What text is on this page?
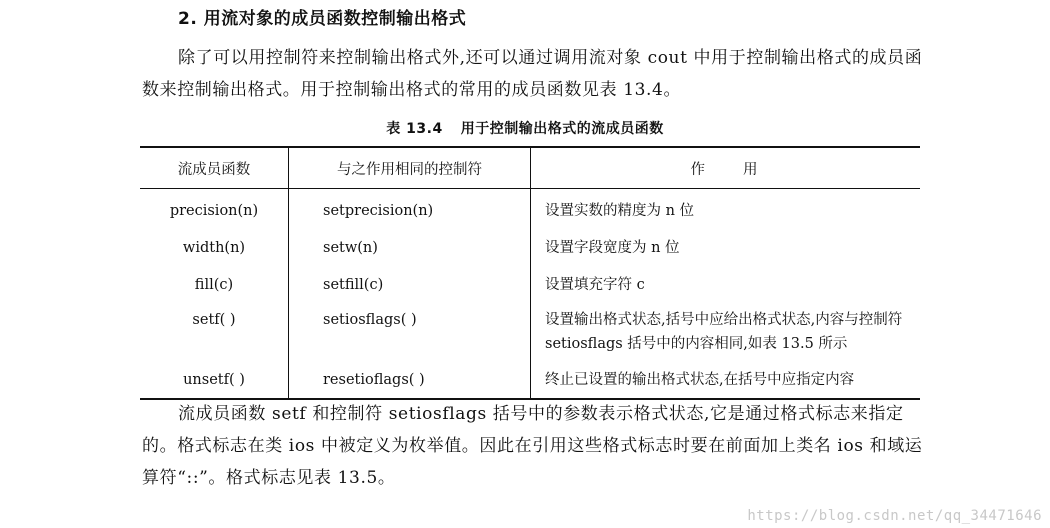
2. 用流对象的成员函数控制输出格式
除了可以用控制符来控制输出格式外,还可以通过调用流对象 cout 中用于控制输出格式的成员函数来控制输出格式。用于控制输出格式的常用的成员函数见表 13.4。
表 13.4 用于控制输出格式的流成员函数
流成员函数	与之作用相同的控制符	作用
precision(n)	setprecision(n)	设置实数的精度为 n 位
width(n)	setw(n)	设置字段宽度为 n 位
fill(c)	setfill(c)	设置填充字符 c
setf( )	setiosflags( )	设置输出格式状态,括号中应给出格式状态,内容与控制符 setiosflags 括号中的内容相同,如表 13.5 所示
unsetf( )	resetioflags( )	终止已设置的输出格式状态,在括号中应指定内容
流成员函数 setf 和控制符 setiosflags 括号中的参数表示格式状态,它是通过格式标志来指定的。格式标志在类 ios 中被定义为枚举值。因此在引用这些格式标志时要在前面加上类名 ios 和域运算符“::”。格式标志见表 13.5。
https://blog.csdn.net/qq_34471646
